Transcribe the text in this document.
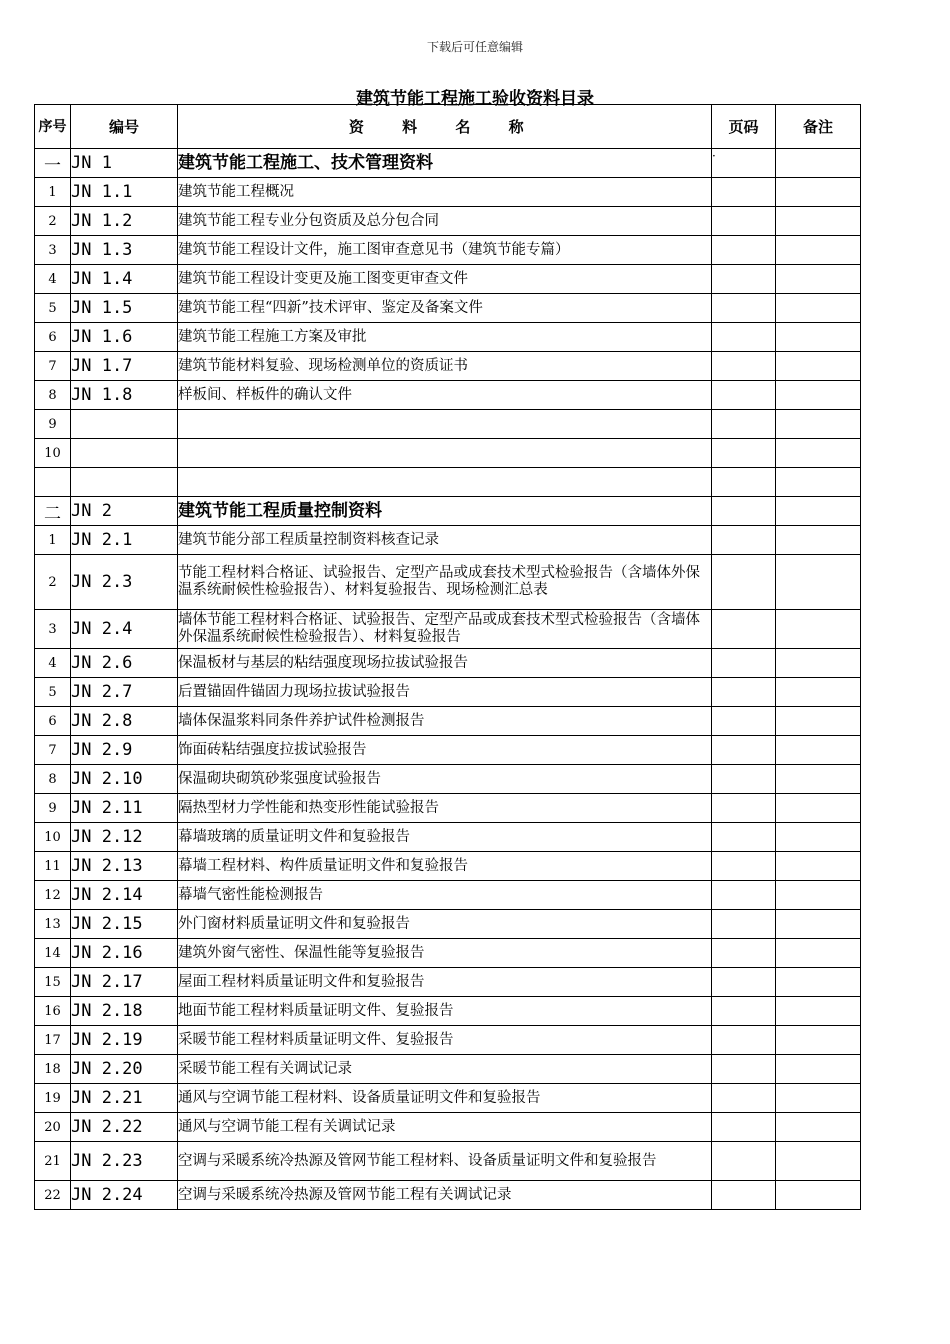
下载后可任意编辑
建筑节能工程施工验收资料目录
序号	编号	资 料 名 称	页码	备注
一	JN 1	建筑节能工程施工、技术管理资料	·	
1	JN 1.1	建筑节能工程概况		
2	JN 1.2	建筑节能工程专业分包资质及总分包合同		
3	JN 1.3	建筑节能工程设计文件，施工图审查意见书（建筑节能专篇）		
4	JN 1.4	建筑节能工程设计变更及施工图变更审查文件		
5	JN 1.5	建筑节能工程“四新”技术评审、鉴定及备案文件		
6	JN 1.6	建筑节能工程施工方案及审批		
7	JN 1.7	建筑节能材料复验、现场检测单位的资质证书		
8	JN 1.8	样板间、样板件的确认文件		
9				
10				

二	JN 2	建筑节能工程质量控制资料		
1	JN 2.1	建筑节能分部工程质量控制资料核查记录		
2	JN 2.3	节能工程材料合格证、试验报告、定型产品或成套技术型式检验报告（含墙体外保温系统耐候性检验报告）、材料复验报告、现场检测汇总表		
3	JN 2.4	墙体节能工程材料合格证、试验报告、定型产品或成套技术型式检验报告（含墙体外保温系统耐候性检验报告）、材料复验报告		
4	JN 2.6	保温板材与基层的粘结强度现场拉拔试验报告		
5	JN 2.7	后置锚固件锚固力现场拉拔试验报告		
6	JN 2.8	墙体保温浆料同条件养护试件检测报告		
7	JN 2.9	饰面砖粘结强度拉拔试验报告		
8	JN 2.10	保温砌块砌筑砂浆强度试验报告		
9	JN 2.11	隔热型材力学性能和热变形性能试验报告		
10	JN 2.12	幕墙玻璃的质量证明文件和复验报告		
11	JN 2.13	幕墙工程材料、构件质量证明文件和复验报告		
12	JN 2.14	幕墙气密性能检测报告		
13	JN 2.15	外门窗材料质量证明文件和复验报告		
14	JN 2.16	建筑外窗气密性、保温性能等复验报告		
15	JN 2.17	屋面工程材料质量证明文件和复验报告		
16	JN 2.18	地面节能工程材料质量证明文件、复验报告		
17	JN 2.19	采暖节能工程材料质量证明文件、复验报告		
18	JN 2.20	采暖节能工程有关调试记录		
19	JN 2.21	通风与空调节能工程材料、设备质量证明文件和复验报告		
20	JN 2.22	通风与空调节能工程有关调试记录		
21	JN 2.23	空调与采暖系统冷热源及管网节能工程材料、设备质量证明文件和复验报告		
22	JN 2.24	空调与采暖系统冷热源及管网节能工程有关调试记录		
